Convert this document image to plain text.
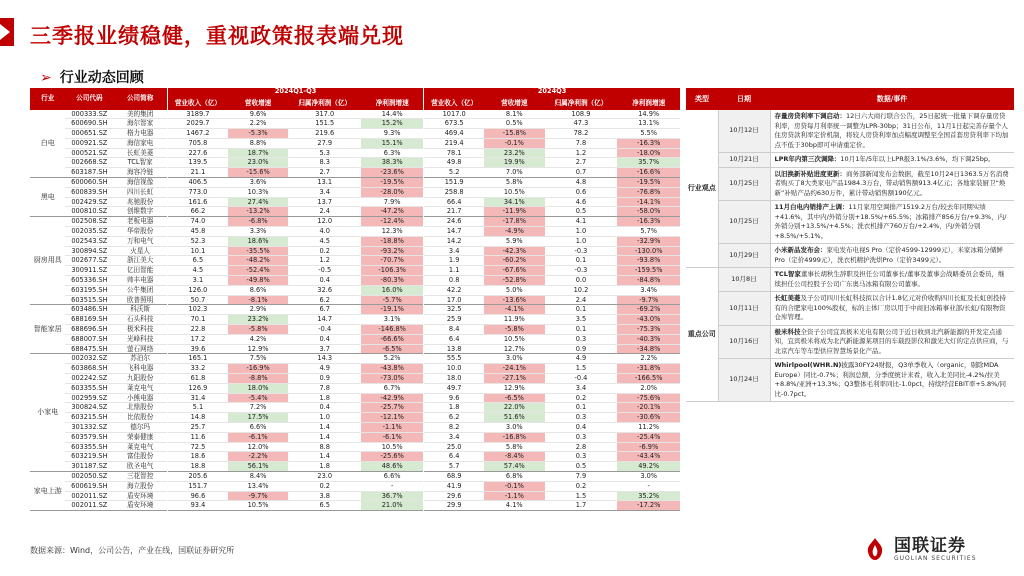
三季报业绩稳健，重视政策报表端兑现
➢ 行业动态回顾
行业	公司代码	公司简称	2024Q1-Q3				2024Q3			
			营业收入（亿）	营收增速	归属净利润（亿）	净利润增速	营业收入（亿）	营收增速	归属净利润（亿）	净利润增速
白电	000333.SZ	美的集团	3189.7	9.6%	317.0	14.4%	1017.0	8.1%	108.9	14.9%
	600690.SH	海尔智家	2029.7	2.2%	151.5	15.2%	673.5	0.5%	47.3	13.1%
	000651.SZ	格力电器	1467.2	-5.3%	219.6	9.3%	469.4	-15.8%	78.2	5.5%
	000921.SZ	海信家电	705.8	8.8%	27.9	15.1%	219.4	-0.1%	7.8	-16.3%
	000521.SZ	长虹美菱	227.6	18.7%	5.3	6.3%	78.1	23.2%	1.2	-18.0%
	002668.SZ	TCL智家	139.5	23.0%	8.3	38.3%	49.8	19.9%	2.7	35.7%
	603187.SH	海容冷链	21.1	-15.6%	2.7	-23.6%	5.2	7.0%	0.7	-16.6%
黑电	600060.SH	海信视像	406.5	3.6%	13.1	-19.5%	151.9	5.8%	4.8	-19.5%
	600839.SH	四川长虹	773.0	10.3%	3.4	-28.0%	258.8	10.5%	0.6	-76.8%
	002429.SZ	兆驰股份	161.6	27.4%	13.7	7.9%	66.4	34.1%	4.6	-14.1%
	000810.SZ	创维数字	66.2	-13.2%	2.4	-47.2%	21.7	-11.9%	0.5	-58.0%
厨房用具	002508.SZ	老板电器	74.0	-6.8%	12.0	-12.4%	24.6	-17.8%	4.1	-16.3%
	002035.SZ	华帝股份	45.8	3.3%	4.0	12.3%	14.7	-4.9%	1.0	5.7%
	002543.SZ	万和电气	52.3	18.6%	4.5	-18.8%	14.2	5.9%	1.0	-32.9%
	300894.SZ	火星人	10.1	-35.5%	0.2	-93.2%	3.4	-42.3%	-0.3	-130.0%
	002677.SZ	浙江美大	6.5	-48.2%	1.2	-70.7%	1.9	-60.2%	0.1	-93.8%
	300911.SZ	亿田智能	4.5	-52.4%	-0.5	-106.3%	1.1	-67.6%	-0.3	-159.5%
	605336.SH	帅丰电器	3.1	-49.8%	0.4	-80.3%	0.8	-52.8%	0.0	-84.8%
	603195.SH	公牛集团	126.0	8.6%	32.6	16.0%	42.2	5.0%	10.2	3.4%
	603515.SH	欧普照明	50.7	-8.1%	6.2	-5.7%	17.0	-13.6%	2.4	-9.7%
智能家居	603486.SH	科沃斯	102.3	2.9%	6.7	-19.1%	32.5	-4.1%	0.1	-69.2%
	688169.SH	石头科技	70.1	23.2%	14.7	3.1%	25.9	11.9%	3.5	-43.0%
	688696.SH	极米科技	22.8	-5.8%	-0.4	-146.8%	8.4	-5.8%	0.1	-75.3%
	688007.SH	光峰科技	17.2	4.2%	0.4	-66.6%	6.4	10.5%	0.3	-40.3%
	688475.SH	萤石网络	39.6	12.9%	3.7	-6.5%	13.8	12.7%	0.9	-34.8%
小家电	002032.SZ	苏泊尔	165.1	7.5%	14.3	5.2%	55.5	3.0%	4.9	2.2%
	603868.SH	飞科电器	33.2	-16.9%	4.9	-43.8%	10.0	-24.1%	1.5	-31.8%
	002242.SZ	九阳股份	61.8	-8.8%	0.9	-73.0%	18.0	-27.1%	-0.4	-166.5%
	603355.SH	莱克电气	126.9	18.0%	7.8	6.7%	49.7	12.9%	3.4	2.0%
	002959.SZ	小熊电器	31.4	-5.4%	1.8	-42.9%	9.6	-6.5%	0.2	-75.6%
	300824.SZ	北鼎股份	5.1	7.2%	0.4	-25.7%	1.8	22.0%	0.1	-20.1%
	603215.SH	比依股份	14.8	17.5%	1.0	-12.1%	6.2	51.6%	0.3	-30.6%
	301332.SZ	德尔玛	25.7	6.6%	1.4	-1.1%	8.2	3.0%	0.4	11.2%
	603579.SH	荣泰健康	11.6	-6.1%	1.4	-6.1%	3.4	-16.8%	0.3	-25.4%
	603355.SH	莱克电气	72.5	12.0%	8.8	10.5%	25.0	5.8%	2.8	-6.9%
	603219.SH	富佳股份	18.6	-2.2%	1.4	-25.6%	6.4	-8.4%	0.3	-43.4%
	301187.SZ	欧圣电气	18.8	56.1%	1.8	48.6%	5.7	57.4%	0.5	49.2%
家电上游	002050.SZ	三花智控	205.6	8.4%	23.0	6.6%	68.9	6.8%	7.9	3.0%
	600619.SH	海立股份	151.7	13.4%	0.2	-	41.9	-0.1%	0.2	-
	002011.SZ	盾安环境	96.6	-9.7%	3.8	36.7%	29.6	-1.1%	1.5	35.2%
	002011.SZ	盾安环境	93.4	10.5%	6.5	21.0%	29.9	4.1%	1.7	-17.2%
类型	日期	数据/事件
行业观点	10月12日	存量房贷利率下调启动：12日六大商行联合公告，25日起统一批量下调存量房贷利率，房贷每月利率统一调整为LPR-30bp；31日公布，11月1日起完善存量个人住房贷款利率定价机制，将较人房贷利率加点幅度调整至全国首套房贷利率下均加点不低于30bp即可申请重定价。
	10月21日	LPR年内第三次调降：10月1年/5年以上LPR报3.1%/3.6%，均下调25bp。
	10月25日	以旧换新补贴进度更新：商务部新闻发布会数据，截至10月24日1363.5万名消费者购买了8大类家电产品1984.3万台，带动销售额913.4亿元；各地家装厨卫“焕新”补贴产品约630万件，累计带动销售额190亿元。
	10月25日	11月白电内销排产上调：11月家用空调排产1519.2万台/较去年同期实绩+41.6%，其中内/外销分别+18.5%/+65.5%；冰箱排产856万台/+9.3%，内/外销分别+13.5%/+4.5%；洗衣机排产760万台/+2.4%，内/外销分别+8.5%/+5.1%。
	10月29日	小米新品发布会：家电发布电视S Pro（定价4599-12999元），米家冰箱分储鲜Pro（定价4999元），洗衣机精护洗烘Pro（定价3499元）。
重点公司	10月8日	TCL智家董事长胡秋生辞职及担任公司董事长/董事及董事会战略委员会委员，继续担任公司控股子公司广东奥马冰箱有限公司董事。
	10月11日	长虹美菱及子公司四川长虹科技拟以合计1.8亿元对价收购四川长虹及长虹创投持有的合肥家电100%股权，标的主体厂房以用于中商旧冰箱事业部/长虹/有限物资仓库管理。
	10月16日	极米科技全资子公司宜宾极米光电有限公司于近日收到北汽新能源的开发定点通知，宜宾极米将成为北汽新能源某项目的车载投影仪和激光大灯的定点供应商，与北京汽车等车型供应智慧场景化产品。
	10月24日	Whirlpool(WHR.N)披露30FY24财报，Q3单季收入（organic，剔除MDA Europe）同比-0.7%；利润总额，分季度统计来看，收入北美同比-4.2%/拉美+8.8%/亚洲+13.3%；Q3整体毛利率同比-1.0pct，持续经营EBIT率+5.8%/同比-0.7pct。
数据来源：Wind，公司公告，产业在线，国联证券研究所	国联证券
GUOLIAN SECURITIES
